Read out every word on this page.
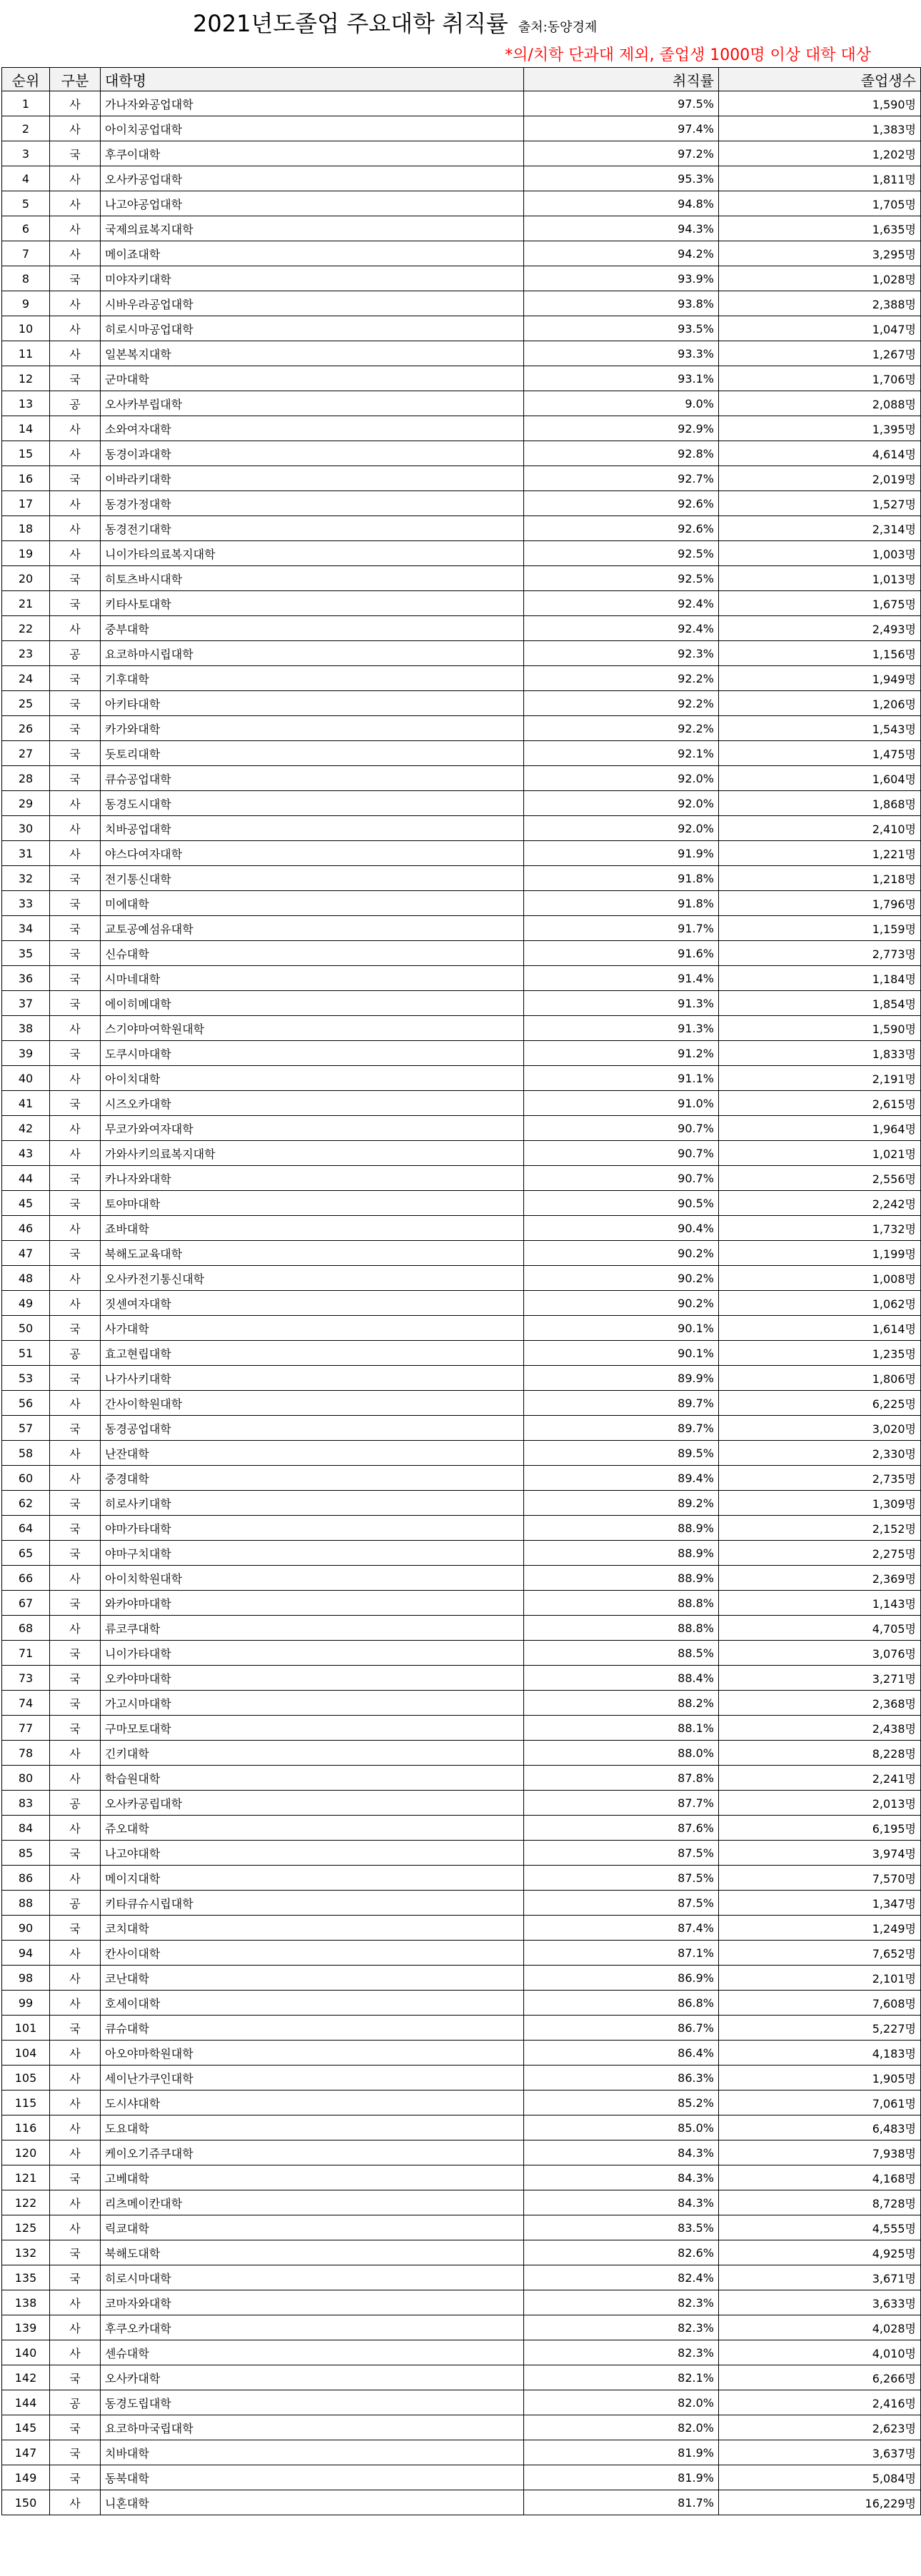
2021년도졸업 주요대학 취직률 출처:동양경제
*의/치학 단과대 제외, 졸업생 1000명 이상 대학 대상
순위	구분	대학명	취직률	졸업생수
1	사	가나자와공업대학	97.5%	1,590명
2	사	아이치공업대학	97.4%	1,383명
3	국	후쿠이대학	97.2%	1,202명
4	사	오사카공업대학	95.3%	1,811명
5	사	나고야공업대학	94.8%	1,705명
6	사	국제의료복지대학	94.3%	1,635명
7	사	메이죠대학	94.2%	3,295명
8	국	미야자키대학	93.9%	1,028명
9	사	시바우라공업대학	93.8%	2,388명
10	사	히로시마공업대학	93.5%	1,047명
11	사	일본복지대학	93.3%	1,267명
12	국	군마대학	93.1%	1,706명
13	공	오사카부립대학	9.0%	2,088명
14	사	소와여자대학	92.9%	1,395명
15	사	동경이과대학	92.8%	4,614명
16	국	이바라키대학	92.7%	2,019명
17	사	동경가정대학	92.6%	1,527명
18	사	동경전기대학	92.6%	2,314명
19	사	니이가타의료복지대학	92.5%	1,003명
20	국	히토츠바시대학	92.5%	1,013명
21	국	키타사토대학	92.4%	1,675명
22	사	중부대학	92.4%	2,493명
23	공	요코하마시립대학	92.3%	1,156명
24	국	기후대학	92.2%	1,949명
25	국	아키타대학	92.2%	1,206명
26	국	카가와대학	92.2%	1,543명
27	국	돗토리대학	92.1%	1,475명
28	국	큐슈공업대학	92.0%	1,604명
29	사	동경도시대학	92.0%	1,868명
30	사	치바공업대학	92.0%	2,410명
31	사	야스다여자대학	91.9%	1,221명
32	국	전기통신대학	91.8%	1,218명
33	국	미에대학	91.8%	1,796명
34	국	교토공예섬유대학	91.7%	1,159명
35	국	신슈대학	91.6%	2,773명
36	국	시마네대학	91.4%	1,184명
37	국	에이히메대학	91.3%	1,854명
38	사	스기야마여학원대학	91.3%	1,590명
39	국	도쿠시마대학	91.2%	1,833명
40	사	아이치대학	91.1%	2,191명
41	국	시즈오카대학	91.0%	2,615명
42	사	무코가와여자대학	90.7%	1,964명
43	사	가와사키의료복지대학	90.7%	1,021명
44	국	카나자와대학	90.7%	2,556명
45	국	토야마대학	90.5%	2,242명
46	사	죠바대학	90.4%	1,732명
47	국	북해도교육대학	90.2%	1,199명
48	사	오사카전기통신대학	90.2%	1,008명
49	사	짓센여자대학	90.2%	1,062명
50	국	사가대학	90.1%	1,614명
51	공	효고현립대학	90.1%	1,235명
53	국	나가사키대학	89.9%	1,806명
56	사	간사이학원대학	89.7%	6,225명
57	국	동경공업대학	89.7%	3,020명
58	사	난잔대학	89.5%	2,330명
60	사	중경대학	89.4%	2,735명
62	국	히로사키대학	89.2%	1,309명
64	국	야마가타대학	88.9%	2,152명
65	국	야마구치대학	88.9%	2,275명
66	사	아이치학원대학	88.9%	2,369명
67	국	와카야마대학	88.8%	1,143명
68	사	류코쿠대학	88.8%	4,705명
71	국	니이가타대학	88.5%	3,076명
73	국	오카야마대학	88.4%	3,271명
74	국	가고시마대학	88.2%	2,368명
77	국	구마모토대학	88.1%	2,438명
78	사	긴키대학	88.0%	8,228명
80	사	학습원대학	87.8%	2,241명
83	공	오사카공립대학	87.7%	2,013명
84	사	쥬오대학	87.6%	6,195명
85	국	나고야대학	87.5%	3,974명
86	사	메이지대학	87.5%	7,570명
88	공	키타큐슈시립대학	87.5%	1,347명
90	국	코치대학	87.4%	1,249명
94	사	칸사이대학	87.1%	7,652명
98	사	코난대학	86.9%	2,101명
99	사	호세이대학	86.8%	7,608명
101	국	큐슈대학	86.7%	5,227명
104	사	아오야마학원대학	86.4%	4,183명
105	사	세이난가쿠인대학	86.3%	1,905명
115	사	도시샤대학	85.2%	7,061명
116	사	도요대학	85.0%	6,483명
120	사	케이오기쥬쿠대학	84.3%	7,938명
121	국	고베대학	84.3%	4,168명
122	사	리츠메이칸대학	84.3%	8,728명
125	사	릭쿄대학	83.5%	4,555명
132	국	북해도대학	82.6%	4,925명
135	국	히로시마대학	82.4%	3,671명
138	사	코마자와대학	82.3%	3,633명
139	사	후쿠오카대학	82.3%	4,028명
140	사	센슈대학	82.3%	4,010명
142	국	오사카대학	82.1%	6,266명
144	공	동경도립대학	82.0%	2,416명
145	국	요코하마국립대학	82.0%	2,623명
147	국	치바대학	81.9%	3,637명
149	국	동북대학	81.9%	5,084명
150	사	니혼대학	81.7%	16,229명
